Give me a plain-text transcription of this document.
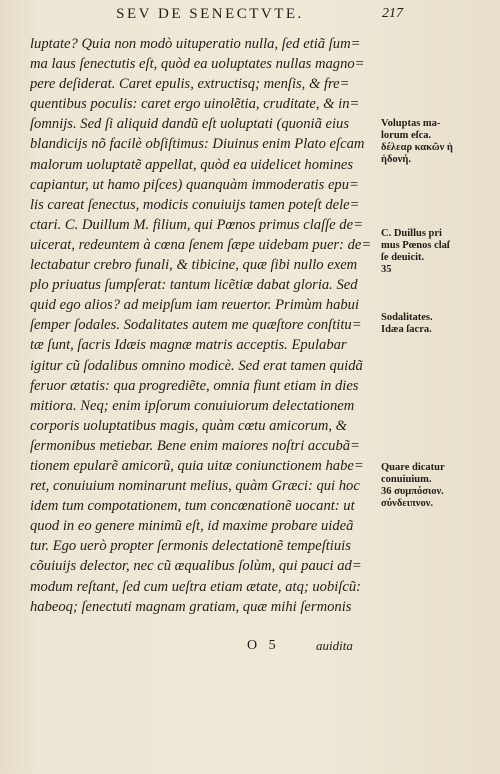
SEV DE SENECTVTE.	217
luptate? Quia non modò uituperatio nulla, ſed etiã ſum=
ma laus ſenectutis eſt, quòd ea uoluptates nullas magno=
pere deſiderat. Caret epulis, extructisq; menſis, & fre=
quentibus poculis: caret ergo uinolẽtia, cruditate, & in=
ſomnijs. Sed ſi aliquid dandũ eſt uoluptati (quoniã eius
blandicijs nõ facilè obſiſtimus: Diuinus enim Plato eſcam
malorum uoluptatẽ appellat, quòd ea uidelicet homines
capiantur, ut hamo piſces) quanquàm immoderatis epu=
lis careat ſenectus, modicis conuiuijs tamen poteſt dele=
ctari. C. Duillum M. filium, qui Pœnos primus claſſe de=
uicerat, redeuntem à cœna ſenem ſæpe uidebam puer: de=
lectabatur crebro funali, & tibicine, quæ ſibi nullo exem
plo priuatus ſumpſerat: tantum licẽtiæ dabat gloria. Sed
quid ego alios? ad meipſum iam reuertor. Primùm habui
ſemper ſodales. Sodalitates autem me quæſtore conſtitu=
tæ ſunt, ſacris Idæis magnæ matris acceptis. Epulabar
igitur cũ ſodalibus omnino modicè. Sed erat tamen quidã
feruor ætatis: qua progrediẽte, omnia fiunt etiam in dies
mitiora. Neq; enim ipſorum conuiuiorum delectationem
corporis uoluptatibus magis, quàm cœtu amicorum, &
ſermonibus metiebar. Bene enim maiores noſtri accubã=
tionem epularẽ amicorũ, quia uitæ coniunctionem habe=
ret, conuiuium nominarunt melius, quàm Græci: qui hoc
idem tum compotationem, tum concœnationẽ uocant: ut
quod in eo genere minimũ eſt, id maxime probare uideã
tur. Ego uerò propter ſermonis delectationẽ tempeſtiuis
cõuiuijs delector, nec cũ æqualibus ſolùm, qui pauci ad=
modum reſtant, ſed cum ueſtra etiam ætate, atq; uobiſcũ:
habeoq; ſenectuti magnam gratiam, quæ mihi ſermonis
Voluptas ma-
lorum eſca.
δέλεαρ κακῶν ἡ
ἡδονή.
C. Duillus pri
mus Pœnos claſ
ſe deuicit.
35
Sodalitates.
Idæa ſacra.
Quare dicatur
conuiuium.
36 συμπόσιον.
σύνδειπνον.
O 5	auidita
